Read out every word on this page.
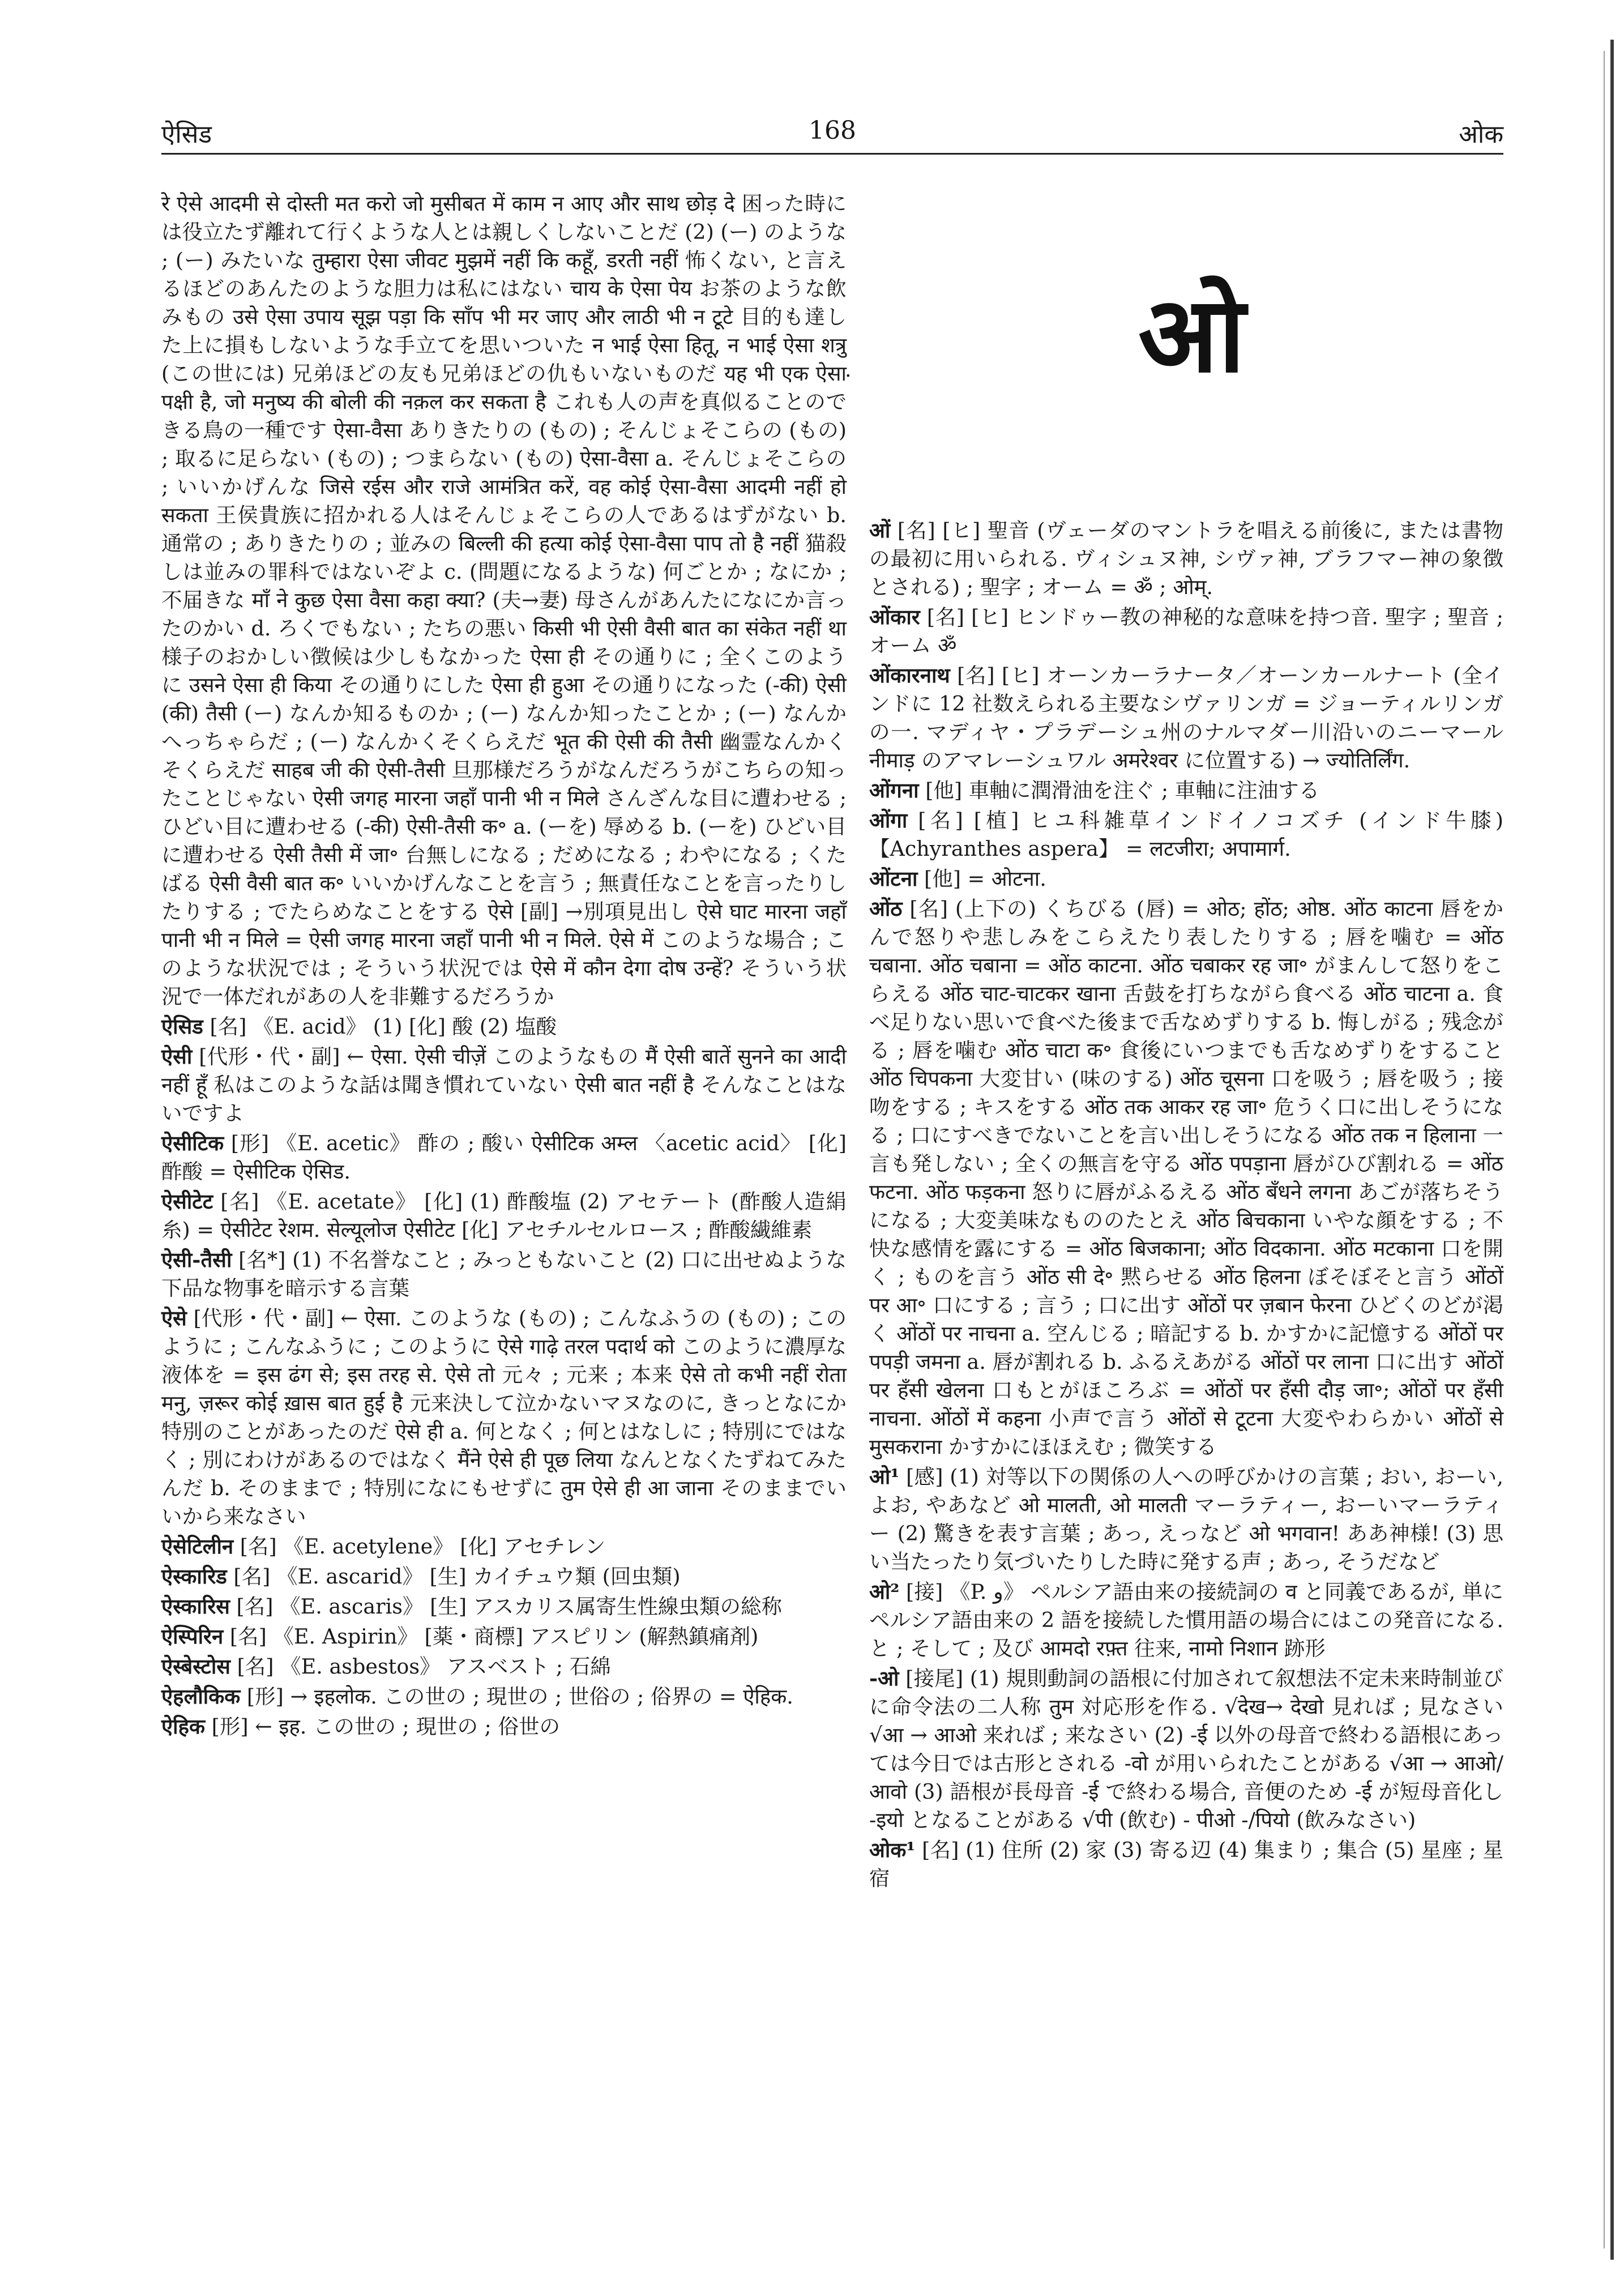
ऐसिड	168	ओक

रे ऐसे आदमी से दोस्ती मत करो जो मुसीबत में काम न आए और साथ छोड़ दे 困った時には役立たず離れて行くような人とは親しくしないことだ (2) (ー) のような ; (ー) みたいな तुम्हारा ऐसा जीवट मुझमें नहीं कि कहूँ, डरती नहीं 怖くない, と言えるほどのあんたのような胆力は私にはない चाय के ऐसा पेय お茶のような飲みもの उसे ऐसा उपाय सूझ पड़ा कि साँप भी मर जाए और लाठी भी न टूटे 目的も達した上に損もしないような手立てを思いついた न भाई ऐसा हितू, न भाई ऐसा शत्रु (この世には) 兄弟ほどの友も兄弟ほどの仇もいないものだ यह भी एक ऐसा पक्षी है, जो मनुष्य की बोली की नक़ल कर सकता है これも人の声を真似ることのできる鳥の一種です ऐसा-वैसा ありきたりの (もの) ; そんじょそこらの (もの) ; 取るに足らない (もの) ; つまらない (もの) ऐसा-वैसा a. そんじょそこらの ; いいかげんな जिसे रईस और राजे आमंत्रित करें, वह कोई ऐसा-वैसा आदमी नहीं हो सकता 王侯貴族に招かれる人はそんじょそこらの人であるはずがない b. 通常の ; ありきたりの ; 並みの बिल्ली की हत्या कोई ऐसा-वैसा पाप तो है नहीं 猫殺しは並みの罪科ではないぞよ c. (問題になるような) 何ごとか ; なにか ; 不届きな माँ ने कुछ ऐसा वैसा कहा क्या? (夫→妻) 母さんがあんたになにか言ったのかい d. ろくでもない ; たちの悪い किसी भी ऐसी वैसी बात का संकेत नहीं था 様子のおかしい徴候は少しもなかった ऐसा ही その通りに ; 全くこのように उसने ऐसा ही किया その通りにした ऐसा ही हुआ その通りになった (-की) ऐसी (की) तैसी (ー) なんか知るものか ; (ー) なんか知ったことか ; (ー) なんかへっちゃらだ ; (ー) なんかくそくらえだ भूत की ऐसी की तैसी 幽霊なんかくそくらえだ साहब जी की ऐसी-तैसी 旦那様だろうがなんだろうがこちらの知ったことじゃない ऐसी जगह मारना जहाँ पानी भी न मिले さんざんな目に遭わせる ; ひどい目に遭わせる (-की) ऐसी-तैसी क॰ a. (ーを) 辱める b. (ーを) ひどい目に遭わせる ऐसी तैसी में जा॰ 台無しになる ; だめになる ; わやになる ; くたばる ऐसी वैसी बात क॰ いいかげんなことを言う ; 無責任なことを言ったりしたりする ; でたらめなことをする ऐसे [副] →別項見出し ऐसे घाट मारना जहाँ पानी भी न मिले = ऐसी जगह मारना जहाँ पानी भी न मिले. ऐसे में このような場合 ; このような状況では ; そういう状況では ऐसे में कौन देगा दोष उन्हें? そういう状況で一体だれがあの人を非難するだろうか

ऐसिड [名] 《E. acid》 (1) [化] 酸 (2) 塩酸

ऐसी [代形・代・副] ← ऐसा. ऐसी चीज़ें このようなもの मैं ऐसी बातें सुनने का आदी नहीं हूँ 私はこのような話は聞き慣れていない ऐसी बात नहीं है そんなことはないですよ

ऐसीटिक [形] 《E. acetic》 酢の ; 酸い ऐसीटिक अम्ल 〈acetic acid〉 [化] 酢酸 = ऐसीटिक ऐसिड.

ऐसीटेट [名] 《E. acetate》 [化] (1) 酢酸塩 (2) アセテート (酢酸人造絹糸) = ऐसीटेट रेशम. सेल्यूलोज ऐसीटेट [化] アセチルセルロース ; 酢酸繊維素

ऐसी-तैसी [名*] (1) 不名誉なこと ; みっともないこと (2) 口に出せぬような下品な物事を暗示する言葉

ऐसे [代形・代・副] ← ऐसा. このような (もの) ; こんなふうの (もの) ; このように ; こんなふうに ; このように ऐसे गाढ़े तरल पदार्थ को このように濃厚な液体を = इस ढंग से; इस तरह से. ऐसे तो 元々 ; 元来 ; 本来 ऐसे तो कभी नहीं रोता मनु, ज़रूर कोई ख़ास बात हुई है 元来決して泣かないマヌなのに, きっとなにか特別のことがあったのだ ऐसे ही a. 何となく ; 何とはなしに ; 特別にではなく ; 別にわけがあるのではなく मैंने ऐसे ही पूछ लिया なんとなくたずねてみたんだ b. そのままで ; 特別になにもせずに तुम ऐसे ही आ जाना そのままでいいから来なさい

ऐसेटिलीन [名] 《E. acetylene》 [化] アセチレン

ऐस्कारिड [名] 《E. ascarid》 [生] カイチュウ類 (回虫類)

ऐस्कारिस [名] 《E. ascaris》 [生] アスカリス属寄生性線虫類の総称

ऐस्पिरिन [名] 《E. Aspirin》 [薬・商標] アスピリン (解熱鎮痛剤)

ऐस्बेस्टोस [名] 《E. asbestos》 アスベスト ; 石綿

ऐहलौकिक [形] → इहलोक. この世の ; 現世の ; 世俗の ; 俗界の = ऐहिक.

ऐहिक [形] ← इह. この世の ; 現世の ; 俗世の

.	ओ

ओं [名] [ヒ] 聖音 (ヴェーダのマントラを唱える前後に, または書物の最初に用いられる. ヴィシュヌ神, シヴァ神, ブラフマー神の象徴とされる) ; 聖字 ; オーム = ॐ ; ओम्.

ओंकार [名] [ヒ] ヒンドゥー教の神秘的な意味を持つ音. 聖字 ; 聖音 ; オーム ॐ

ओंकारनाथ [名] [ヒ] オーンカーラナータ／オーンカールナート (全インドに 12 社数えられる主要なシヴァリンガ = ジョーティルリンガの一. マディヤ・プラデーシュ州のナルマダー川沿いのニーマール नीमाड़ のアマレーシュワル अमरेश्वर に位置する) → ज्योतिर्लिंग.

ओंगना [他] 車軸に潤滑油を注ぐ ; 車軸に注油する

ओंगा [名] [植] ヒユ科雑草インドイノコズチ (インド牛膝) 【Achyranthes aspera】 = लटजीरा; अपामार्ग.

ओंटना [他] = ओटना.

ओंठ [名] (上下の) くちびる (唇) = ओठ; होंठ; ओष्ठ. ओंठ काटना 唇をかんで怒りや悲しみをこらえたり表したりする ; 唇を噛む = ओंठ चबाना. ओंठ चबाना = ओंठ काटना. ओंठ चबाकर रह जा॰ がまんして怒りをこらえる ओंठ चाट-चाटकर खाना 舌鼓を打ちながら食べる ओंठ चाटना a. 食べ足りない思いで食べた後まで舌なめずりする b. 悔しがる ; 残念がる ; 唇を噛む ओंठ चाटा क॰ 食後にいつまでも舌なめずりをすること ओंठ चिपकना 大変甘い (味のする) ओंठ चूसना 口を吸う ; 唇を吸う ; 接吻をする ; キスをする ओंठ तक आकर रह जा॰ 危うく口に出しそうになる ; 口にすべきでないことを言い出しそうになる ओंठ तक न हिलाना 一言も発しない ; 全くの無言を守る ओंठ पपड़ाना 唇がひび割れる = ओंठ फटना. ओंठ फड़कना 怒りに唇がふるえる ओंठ बँधने लगना あごが落ちそうになる ; 大変美味なもののたとえ ओंठ बिचकाना いやな顔をする ; 不快な感情を露にする = ओंठ बिजकाना; ओंठ विदकाना. ओंठ मटकाना 口を開く ; ものを言う ओंठ सी दे॰ 黙らせる ओंठ हिलना ぼそぼそと言う ओंठों पर आ॰ 口にする ; 言う ; 口に出す ओंठों पर ज़बान फेरना ひどくのどが渇く ओंठों पर नाचना a. 空んじる ; 暗記する b. かすかに記憶する ओंठों पर पपड़ी जमना a. 唇が割れる b. ふるえあがる ओंठों पर लाना 口に出す ओंठों पर हँसी खेलना 口もとがほころぶ = ओंठों पर हँसी दौड़ जा॰; ओंठों पर हँसी नाचना. ओंठों में कहना 小声で言う ओंठों से टूटना 大変やわらかい ओंठों से मुसकराना かすかにほほえむ ; 微笑する

ओ¹ [感] (1) 対等以下の関係の人への呼びかけの言葉 ; おい, おーい, よお, やあなど ओ मालती, ओ मालती マーラティー, おーいマーラティー (2) 驚きを表す言葉 ; あっ, えっなど ओ भगवान! ああ神様! (3) 思い当たったり気づいたりした時に発する声 ; あっ, そうだなど

ओ² [接] 《P. و》 ペルシア語由来の接続詞の व と同義であるが, 単にペルシア語由来の 2 語を接続した慣用語の場合にはこの発音になる. と ; そして ; 及び आमदो रफ़्त 往来, नामो निशान 跡形

-ओ [接尾] (1) 規則動詞の語根に付加されて叙想法不定未来時制並びに命令法の二人称 तुम 対応形を作る. √देख→ देखो 見れば ; 見なさい √आ → आओ 来れば ; 来なさい (2) -ई 以外の母音で終わる語根にあっては今日では古形とされる -वो が用いられたことがある √आ → आओ/आवो (3) 語根が長母音 -ई で終わる場合, 音便のため -ई が短母音化し -इयो となることがある √पी (飲む) - पीओ -/पियो (飲みなさい)

ओक¹ [名] (1) 住所 (2) 家 (3) 寄る辺 (4) 集まり ; 集合 (5) 星座 ; 星宿
